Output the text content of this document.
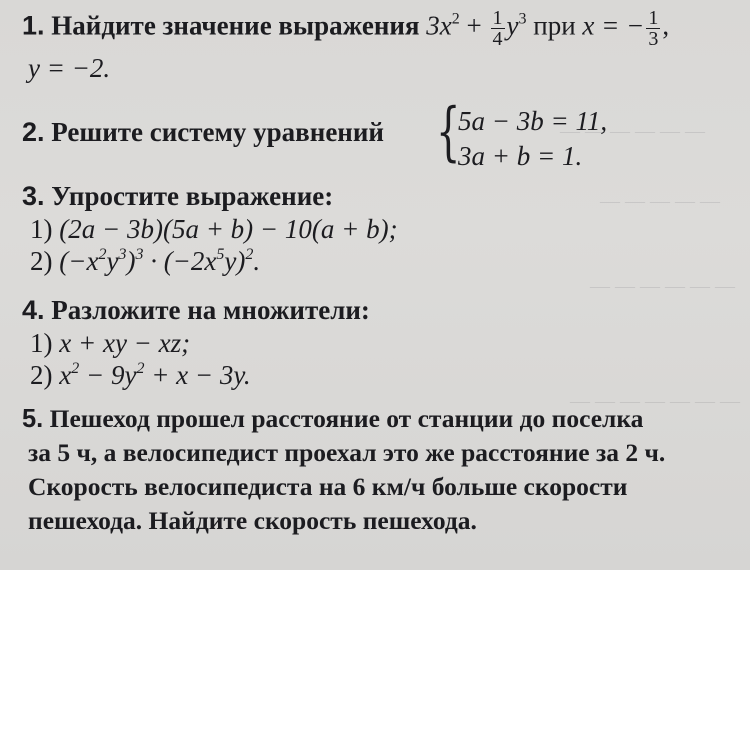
— — — — — —
— — — — —
— — — — — —
— — — — — — —
1. Найдите значение выражения $3x^2 + \frac{1}{4} y^3$ при x = − $\frac{1}{3}$ ,
y = −2.
2. Решите систему уравнений {
5a − 3b = 11,
3a + b = 1.
3. Упростите выражение:
1) (2a − 3b)(5a + b) − 10(a + b);
2) $(-x^2y^3)^3 \cdot (-2x^5y)^2$.
4. Разложите на множители:
1) x + xy − xz;
2) $x^2 - 9y^2 + x - 3y$.
5. Пешеход прошел расстояние от станции до поселка
за 5 ч, а велосипедист проехал это же расстояние за 2 ч.
Скорость велосипедиста на 6 км/ч больше скорости
пешехода. Найдите скорость пешехода.
